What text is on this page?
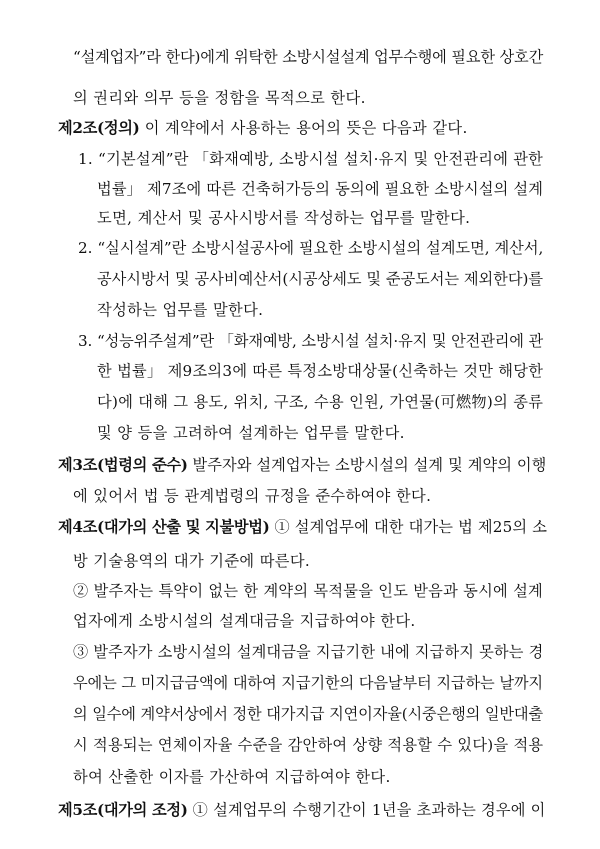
“설계업자”라 한다)에게 위탁한 소방시설설계 업무수행에 필요한 상호간
의 권리와 의무 등을 정함을 목적으로 한다.
제2조(정의) 이 계약에서 사용하는 용어의 뜻은 다음과 같다.
1. “기본설계”란 「화재예방, 소방시설 설치·유지 및 안전관리에 관한
법률」 제7조에 따른 건축허가등의 동의에 필요한 소방시설의 설계
도면, 계산서 및 공사시방서를 작성하는 업무를 말한다.
2. “실시설계”란 소방시설공사에 필요한 소방시설의 설계도면, 계산서,
공사시방서 및 공사비예산서(시공상세도 및 준공도서는 제외한다)를
작성하는 업무를 말한다.
3. “성능위주설계”란 「화재예방, 소방시설 설치·유지 및 안전관리에 관
한 법률」 제9조의3에 따른 특정소방대상물(신축하는 것만 해당한
다)에 대해 그 용도, 위치, 구조, 수용 인원, 가연물(可燃物)의 종류
및 양 등을 고려하여 설계하는 업무를 말한다.
제3조(법령의 준수) 발주자와 설계업자는 소방시설의 설계 및 계약의 이행
에 있어서 법 등 관계법령의 규정을 준수하여야 한다.
제4조(대가의 산출 및 지불방법) ① 설계업무에 대한 대가는 법 제25의 소
방 기술용역의 대가 기준에 따른다.
② 발주자는 특약이 없는 한 계약의 목적물을 인도 받음과 동시에 설계
업자에게 소방시설의 설계대금을 지급하여야 한다.
③ 발주자가 소방시설의 설계대금을 지급기한 내에 지급하지 못하는 경
우에는 그 미지급금액에 대하여 지급기한의 다음날부터 지급하는 날까지
의 일수에 계약서상에서 정한 대가지급 지연이자율(시중은행의 일반대출
시 적용되는 연체이자율 수준을 감안하여 상향 적용할 수 있다)을 적용
하여 산출한 이자를 가산하여 지급하여야 한다.
제5조(대가의 조정) ① 설계업무의 수행기간이 1년을 초과하는 경우에 이
